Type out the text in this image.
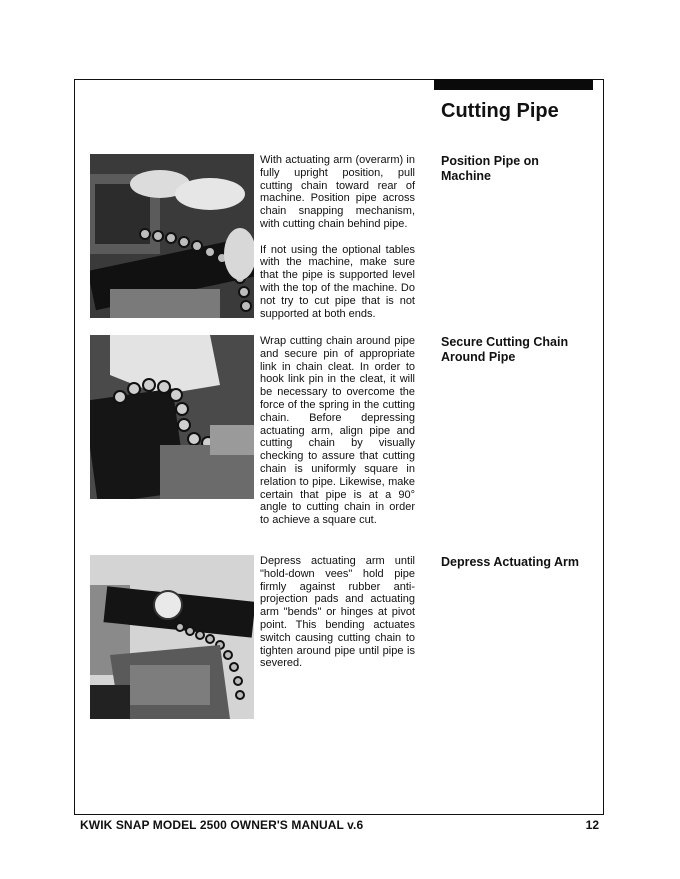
Cutting Pipe

With actuating arm (overarm) in fully upright position, pull cutting chain toward rear of machine. Position pipe across chain snapping mechanism, with cutting chain behind pipe.

If not using the optional tables with the machine, make sure that the pipe is supported level with the top of the machine. Do not try to cut pipe that is not supported at both ends.

Position Pipe on Machine

Wrap cutting chain around pipe and secure pin of appropriate link in chain cleat. In order to hook link pin in the cleat, it will be necessary to overcome the force of the spring in the cutting chain. Before depressing actuating arm, align pipe and cutting chain by visually checking to assure that cutting chain is uniformly square in relation to pipe. Likewise, make certain that pipe is at a 90° angle to cutting chain in order to achieve a square cut.

Secure Cutting Chain Around Pipe

Depress actuating arm until "hold-down vees" hold pipe firmly against rubber anti-projection pads and actuating arm "bends" or hinges at pivot point. This bending actuates switch causing cutting chain to tighten around pipe until pipe is severed.

Depress Actuating Arm
KWIK SNAP MODEL 2500 OWNER'S MANUAL v.6	12
